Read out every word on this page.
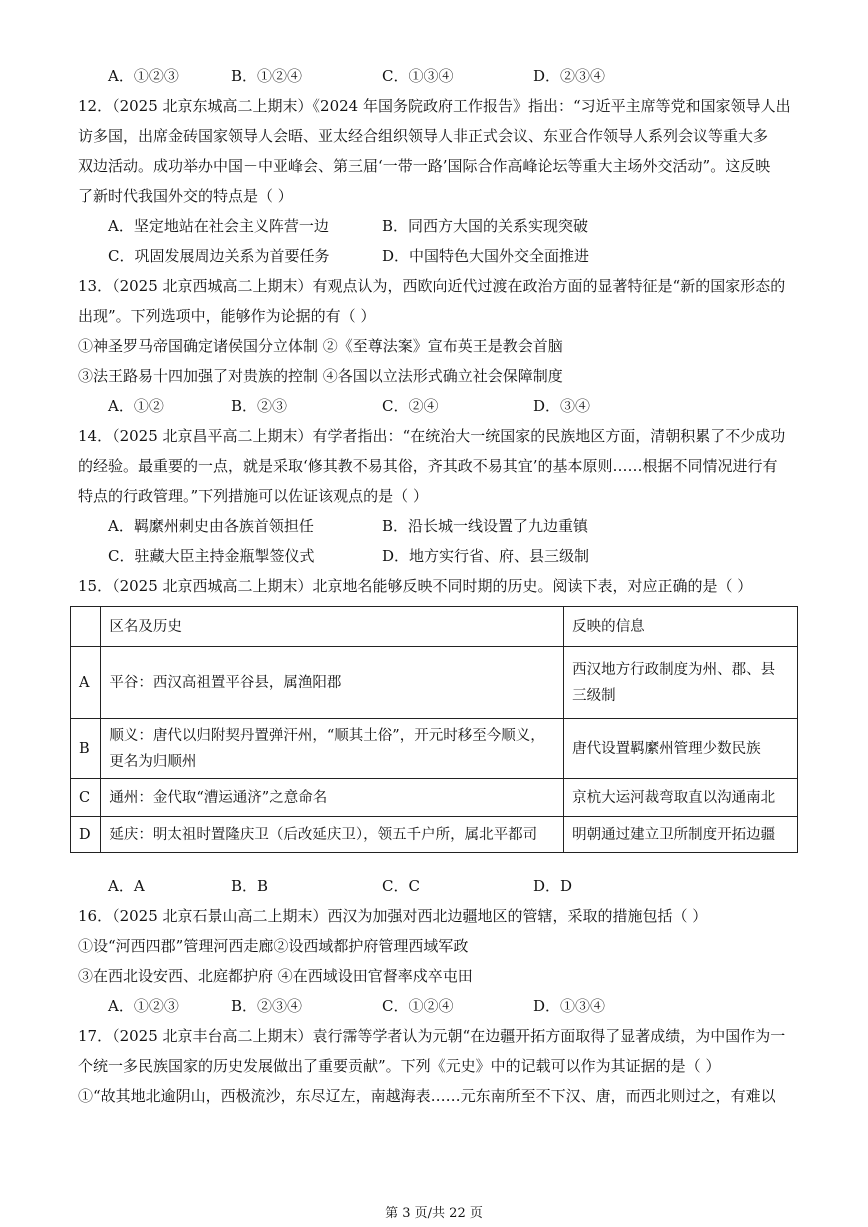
A．①②③	B．①②④	C．①③④	D．②③④
12．（2025 北京东城高二上期末）《2024 年国务院政府工作报告》指出：“习近平主席等党和国家领导人出
访多国，出席金砖国家领导人会晤、亚太经合组织领导人非正式会议、东亚合作领导人系列会议等重大多
双边活动。成功举办中国－中亚峰会、第三届‘一带一路’国际合作高峰论坛等重大主场外交活动”。这反映
了新时代我国外交的特点是（ ）
A．坚定地站在社会主义阵营一边	B．同西方大国的关系实现突破
C．巩固发展周边关系为首要任务	D．中国特色大国外交全面推进
13．（2025 北京西城高二上期末）有观点认为，西欧向近代过渡在政治方面的显著特征是“新的国家形态的
出现”。下列选项中，能够作为论据的有（ ）
①神圣罗马帝国确定诸侯国分立体制 ②《至尊法案》宣布英王是教会首脑
③法王路易十四加强了对贵族的控制 ④各国以立法形式确立社会保障制度
A．①②	B．②③	C．②④	D．③④
14．（2025 北京昌平高二上期末）有学者指出：“在统治大一统国家的民族地区方面，清朝积累了不少成功
的经验。最重要的一点，就是采取‘修其教不易其俗，齐其政不易其宜’的基本原则……根据不同情况进行有
特点的行政管理。”下列措施可以佐证该观点的是（ ）
A．羁縻州刺史由各族首领担任	B．沿长城一线设置了九边重镇
C．驻藏大臣主持金瓶掣签仪式	D．地方实行省、府、县三级制
15．（2025 北京西城高二上期末）北京地名能够反映不同时期的历史。阅读下表，对应正确的是（ ）
	区名及历史	反映的信息
A	平谷：西汉高祖置平谷县，属渔阳郡	西汉地方行政制度为州、郡、县
三级制

B	顺义：唐代以归附契丹置弹汗州，“顺其土俗”，开元时移至今顺义，
更名为归顺州	唐代设置羁縻州管理少数民族

C	通州：金代取“漕运通济”之意命名	京杭大运河裁弯取直以沟通南北

D	延庆：明太祖时置隆庆卫（后改延庆卫），领五千户所，属北平都司	明朝通过建立卫所制度开拓边疆
A．A	B．B	C．C	D．D
16．（2025 北京石景山高二上期末）西汉为加强对西北边疆地区的管辖，采取的措施包括（ ）
①设“河西四郡”管理河西走廊②设西域都护府管理西域军政
③在西北设安西、北庭都护府 ④在西域设田官督率戍卒屯田
A．①②③	B．②③④	C．①②④	D．①③④
17．（2025 北京丰台高二上期末）袁行霈等学者认为元朝“在边疆开拓方面取得了显著成绩，为中国作为一
个统一多民族国家的历史发展做出了重要贡献”。下列《元史》中的记载可以作为其证据的是（ ）
①“故其地北逾阴山，西极流沙，东尽辽左，南越海表……元东南所至不下汉、唐，而西北则过之，有难以
第 3 页/共 22 页
